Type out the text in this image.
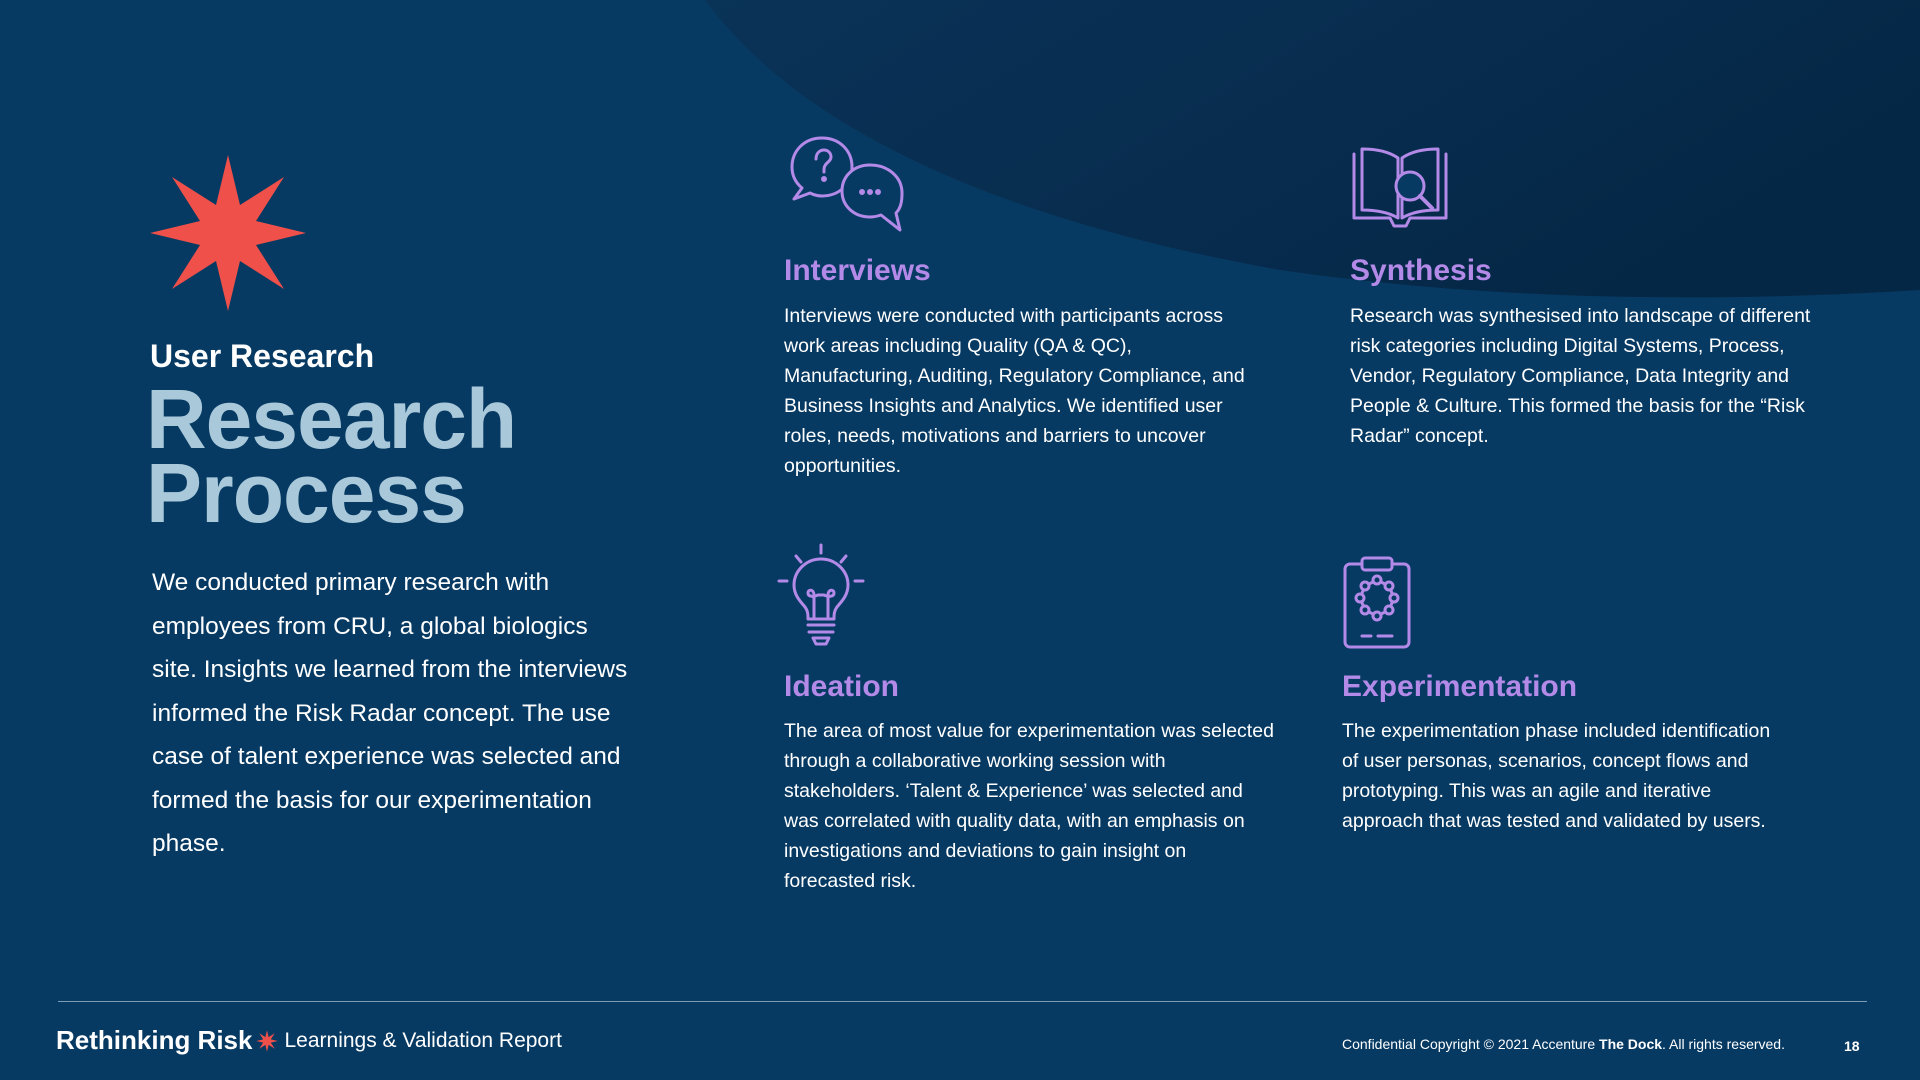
User Research
Research
Process

We conducted primary research with employees from CRU, a global biologics site. Insights we learned from the interviews informed the Risk Radar concept. The use case of talent experience was selected and formed the basis for our experimentation phase.

Interviews

Interviews were conducted with participants across work areas including Quality (QA & QC), Manufacturing, Auditing, Regulatory Compliance, and Business Insights and Analytics. We identified user roles, needs, motivations and barriers to uncover opportunities.

Synthesis

Research was synthesised into landscape of different risk categories including Digital Systems, Process, Vendor, Regulatory Compliance, Data Integrity and People & Culture. This formed the basis for the “Risk Radar” concept.

Ideation

The area of most value for experimentation was selected through a collaborative working session with stakeholders. ‘Talent & Experience’ was selected and was correlated with quality data, with an emphasis on investigations and deviations to gain insight on forecasted risk.

Experimentation

The experimentation phase included identification of user personas, scenarios, concept flows and prototyping. This was an agile and iterative approach that was tested and validated by users.

Rethinking Risk Learnings & Validation Report	Confidential Copyright © 2021 Accenture The Dock. All rights reserved.	18
